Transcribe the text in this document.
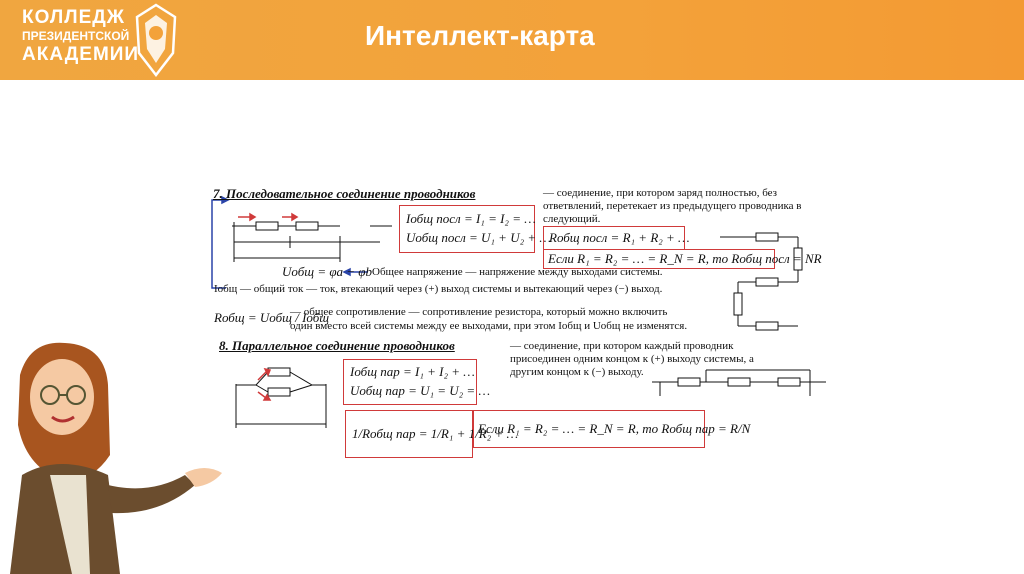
КОЛЛЕДЖ
ПРЕЗИДЕНТСКОЙ
АКАДЕМИИ
Интеллект-карта
7. Последовательное соединение проводников	— соединение, при котором заряд полностью, без
ответвлений, перетекает из предыдущего проводника в
следующий.
Iобщ посл = I₁ = I₂ = …
Uобщ посл = U₁ + U₂ + …
Rобщ посл = R₁ + R₂ + …
Если R₁ = R₂ = … = R_N = R, то Rобщ посл = NR
Uобщ = φa − φb Общее напряжение — напряжение между выходами системы.
Iобщ — общий ток — ток, втекающий через (+) выход системы и вытекающий через (−) выход.
Rобщ = Uобщ / Iобщ
— общее сопротивление — сопротивление резистора, который можно включить
один вместо всей системы между ее выходами, при этом Iобщ и Uобщ не изменятся.
8. Параллельное соединение проводников	— соединение, при котором каждый проводник
присоединен одним концом к (+) выходу системы, а
другим концом к (−) выходу.
Iобщ пар = I₁ + I₂ + …
Uобщ пар = U₁ = U₂ = …
1/Rобщ пар = 1/R₁ + 1/R₂ + …
Если R₁ = R₂ = … = R_N = R, то Rобщ пар = R/N
